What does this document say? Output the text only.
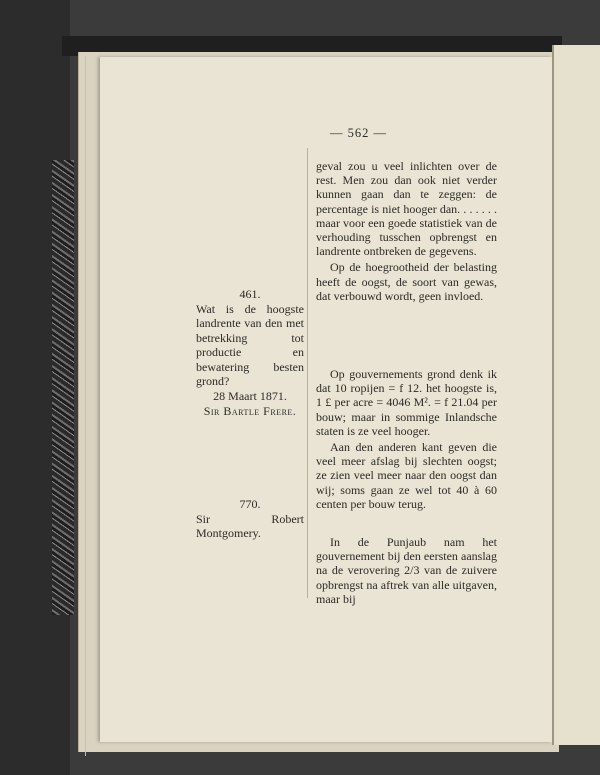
— 562 —
461.
Wat is de hoogste landrente van den met betrekking tot productie en bewatering besten grond?
28 Maart 1871.
Sir Bartle Frere.
770.
Sir Robert Montgomery.

geval zou u veel inlichten over de rest. Men zou dan ook niet verder kunnen gaan dan te zeggen: de percentage is niet hooger dan. . . . . . . maar voor een goede statistiek van de verhouding tusschen opbrengst en landrente ontbreken de gegevens.

Op de hoegrootheid der belasting heeft de oogst, de soort van gewas, dat verbouwd wordt, geen invloed.

Op gouvernements grond denk ik dat 10 ropijen = f 12. het hoogste is, 1 £ per acre = 4046 M². = f 21.04 per bouw; maar in sommige Inlandsche staten is ze veel hooger.

Aan den anderen kant geven die veel meer afslag bij slechten oogst; ze zien veel meer naar den oogst dan wij; soms gaan ze wel tot 40 à 60 centen per bouw terug.

In de Punjaub nam het gouvernement bij den eersten aanslag na de verovering 2/3 van de zuivere opbrengst na aftrek van alle uitgaven, maar bij
